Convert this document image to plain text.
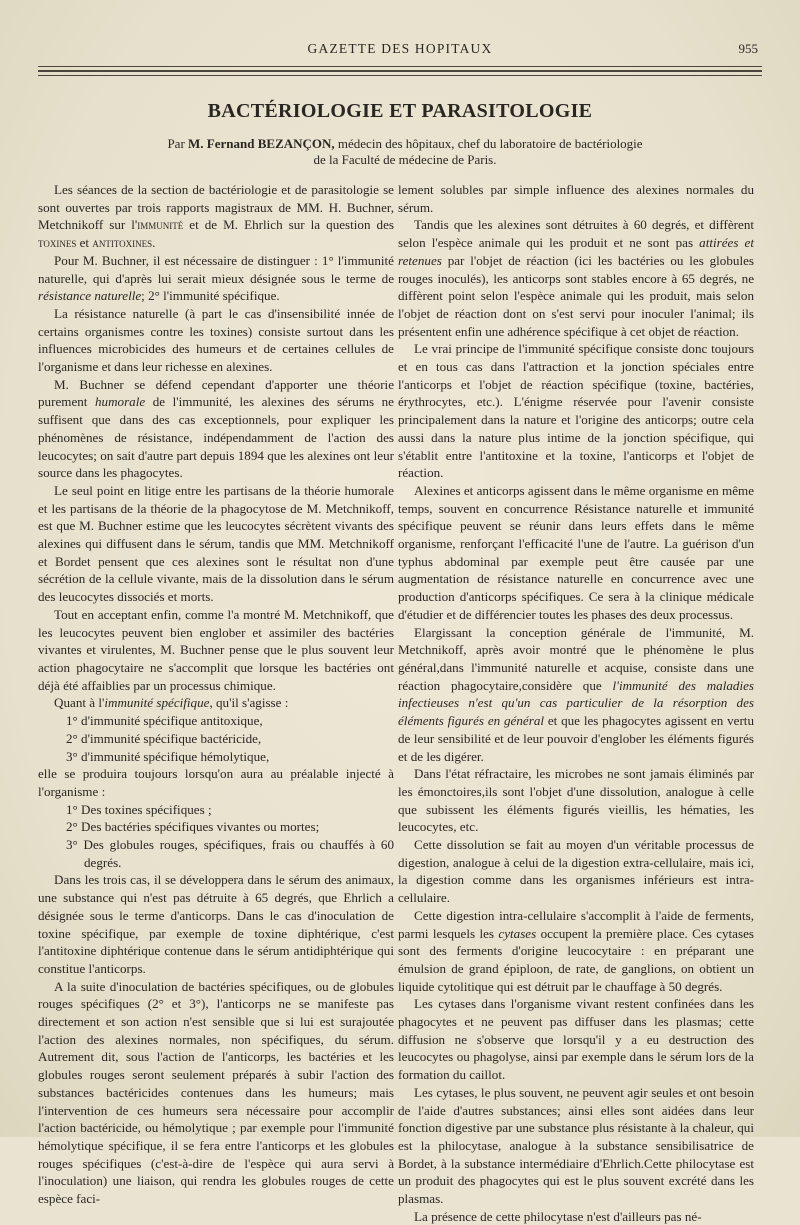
GAZETTE DES HOPITAUX	955
BACTÉRIOLOGIE ET PARASITOLOGIE
Par M. Fernand BEZANÇON, médecin des hôpitaux, chef du laboratoire de bactériologie
de la Faculté de médecine de Paris.

Les séances de la section de bactériologie et de parasitologie se sont ouvertes par trois rapports magistraux de MM. H. Buchner, Metchnikoff sur l'immunité et de M. Ehrlich sur la question des toxines et antitoxines.

Pour M. Buchner, il est nécessaire de distinguer : 1° l'immunité naturelle, qui d'après lui serait mieux désignée sous le terme de résistance naturelle; 2° l'immunité spécifique.

La résistance naturelle (à part le cas d'insensibilité innée de certains organismes contre les toxines) consiste surtout dans les influences microbicides des humeurs et de certaines cellules de l'organisme et dans leur richesse en alexines.

M. Buchner se défend cependant d'apporter une théorie purement humorale de l'immunité, les alexines des sérums ne suffisent que dans des cas exceptionnels, pour expliquer les phénomènes de résistance, indépendamment de l'action des leucocytes; on sait d'autre part depuis 1894 que les alexines ont leur source dans les phagocytes.

Le seul point en litige entre les partisans de la théorie humorale et les partisans de la théorie de la phagocytose de M. Metchnikoff, est que M. Buchner estime que les leucocytes sécrètent vivants des alexines qui diffusent dans le sérum, tandis que MM. Metchnikoff et Bordet pensent que ces alexines sont le résultat non d'une sécrétion de la cellule vivante, mais de la dissolution dans le sérum des leucocytes dissociés et morts.

Tout en acceptant enfin, comme l'a montré M. Metchnikoff, que les leucocytes peuvent bien englober et assimiler des bactéries vivantes et virulentes, M. Buchner pense que le plus souvent leur action phagocytaire ne s'accomplit que lorsque les bactéries ont déjà été affaiblies par un processus chimique.

Quant à l'immunité spécifique, qu'il s'agisse :

1° d'immunité spécifique antitoxique,

2° d'immunité spécifique bactéricide,

3° d'immunité spécifique hémolytique,

elle se produira toujours lorsqu'on aura au préalable injecté à l'organisme :

1° Des toxines spécifiques ;

2° Des bactéries spécifiques vivantes ou mortes;

3° Des globules rouges, spécifiques, frais ou chauffés à 60 degrés.

Dans les trois cas, il se développera dans le sérum des animaux, une substance qui n'est pas détruite à 65 degrés, que Ehrlich a désignée sous le terme d'anticorps. Dans le cas d'inoculation de toxine spécifique, par exemple de toxine diphtérique, c'est l'antitoxine diphtérique contenue dans le sérum antidiphtérique qui constitue l'anticorps.

A la suite d'inoculation de bactéries spécifiques, ou de globules rouges spécifiques (2° et 3°), l'anticorps ne se manifeste pas directement et son action n'est sensible que si lui est surajoutée l'action des alexines normales, non spécifiques, du sérum. Autrement dit, sous l'action de l'anticorps, les bactéries et les globules rouges seront seulement préparés à subir l'action des substances bactéricides contenues dans les humeurs; mais l'intervention de ces humeurs sera nécessaire pour accomplir l'action bactéricide, ou hémolytique ; par exemple pour l'immunité hémolytique spécifique, il se fera entre l'anticorps et les globules rouges spécifiques (c'est-à-dire de l'espèce qui aura servi à l'inoculation) une liaison, qui rendra les globules rouges de cette espèce faci-

lement solubles par simple influence des alexines normales du sérum.

Tandis que les alexines sont détruites à 60 degrés, et diffèrent selon l'espèce animale qui les produit et ne sont pas attirées et retenues par l'objet de réaction (ici les bactéries ou les globules rouges inoculés), les anticorps sont stables encore à 65 degrés, ne diffèrent point selon l'espèce animale qui les produit, mais selon l'objet de réaction dont on s'est servi pour inoculer l'animal; ils présentent enfin une adhérence spécifique à cet objet de réaction.

Le vrai principe de l'immunité spécifique consiste donc toujours et en tous cas dans l'attraction et la jonction spéciales entre l'anticorps et l'objet de réaction spécifique (toxine, bactéries, érythrocytes, etc.). L'énigme réservée pour l'avenir consiste principalement dans la nature et l'origine des anticorps; outre cela aussi dans la nature plus intime de la jonction spécifique, qui s'établit entre l'antitoxine et la toxine, l'anticorps et l'objet de réaction.

Alexines et anticorps agissent dans le même organisme en même temps, souvent en concurrence Résistance naturelle et immunité spécifique peuvent se réunir dans leurs effets dans le même organisme, renforçant l'efficacité l'une de l'autre. La guérison d'un typhus abdominal par exemple peut être causée par une augmentation de résistance naturelle en concurrence avec une production d'anticorps spécifiques. Ce sera à la clinique médicale d'étudier et de différencier toutes les phases des deux processus.

Elargissant la conception générale de l'immunité, M. Metchnikoff, après avoir montré que le phénomène le plus général,dans l'immunité naturelle et acquise, consiste dans une réaction phagocytaire,considère que l'immunité des maladies infectieuses n'est qu'un cas particulier de la résorption des éléments figurés en général et que les phagocytes agissent en vertu de leur sensibilité et de leur pouvoir d'englober les éléments figurés et de les digérer.

Dans l'état réfractaire, les microbes ne sont jamais éliminés par les émonctoires,ils sont l'objet d'une dissolution, analogue à celle que subissent les éléments figurés vieillis, les hématies, les leucocytes, etc.

Cette dissolution se fait au moyen d'un véritable processus de digestion, analogue à celui de la digestion extra-cellulaire, mais ici, la digestion comme dans les organismes inférieurs est intra-cellulaire.

Cette digestion intra-cellulaire s'accomplit à l'aide de ferments, parmi lesquels les cytases occupent la première place. Ces cytases sont des ferments d'origine leucocytaire : en préparant une émulsion de grand épiploon, de rate, de ganglions, on obtient un liquide cytolitique qui est détruit par le chauffage à 50 degrés.

Les cytases dans l'organisme vivant restent confinées dans les phagocytes et ne peuvent pas diffuser dans les plasmas; cette diffusion ne s'observe que lorsqu'il y a eu destruction des leucocytes ou phagolyse, ainsi par exemple dans le sérum lors de la formation du caillot.

Les cytases, le plus souvent, ne peuvent agir seules et ont besoin de l'aide d'autres substances; ainsi elles sont aidées dans leur fonction digestive par une substance plus résistante à la chaleur, qui est la philocytase, analogue à la substance sensibilisatrice de Bordet, à la substance intermédiaire d'Ehrlich.Cette philocytase est un produit des phagocytes qui est le plus souvent excrété dans les plasmas.

La présence de cette philocytase n'est d'ailleurs pas né-
